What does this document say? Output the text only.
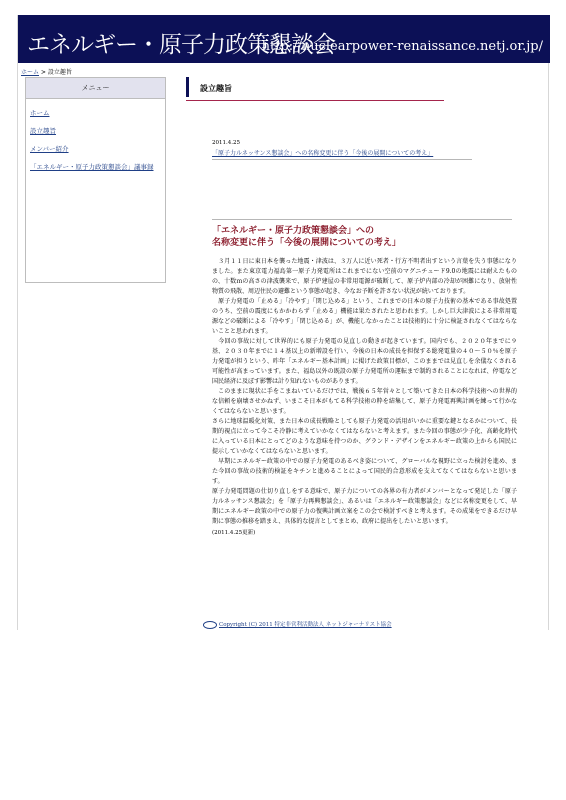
エネルギー・原子力政策懇談会
http://nuclearpower-renaissance.netj.or.jp/
ホーム > 設立趣旨
メニュー
ホーム
設立趣旨
メンバー紹介
「エネルギー・原子力政策懇談会」議事録
設立趣旨
2011.4.25
「原子力ルネッサンス懇談会」への名称変更に伴う「今後の展開についての考え」
「エネルギー・原子力政策懇談会」への
名称変更に伴う「今後の展開についての考え」

　３月１１日に東日本を襲った地震・津波は、３万人に近い死者・行方不明者出すという言葉を失う事態になりました。また東京電力福島第一原子力発電所はこれまでにない空前のマグニチュード9.0の地震には耐えたものの、十数ｍの高さの津波襲来で、原子炉建屋の非常用電源が破断して、原子炉内部の冷却が困難になり、放射性物質の飛散、周辺住民の避難という事態が起き、今なお予断を許さない状況が続いております。

　原子力発電の「止める」「冷やす」「閉じ込める」という、これまでの日本の原子力技術の基本である事故処置のうち、空前の震度にもかかわらず「止める」機能は果たされたと思われます。しかし巨大津波による非常用電源などの破断による「冷やす」「閉じ込める」が、機能しなかったことは技術的に十分に検証されなくてはならないことと思われます。

　今回の事故に対して世界的にも原子力発電の見直しの動きが起きています。国内でも、２０２０年までに９基、２０３０年までに１４基以上の新増設を行い、今後の日本の成長を担保する総発電量の４０～５０％を原子力発電が担うという、昨年「エネルギー基本計画」に掲げた政策目標が、このままでは見直しを余儀なくされる可能性が高まっています。また、福島以外の既設の原子力発電所の運転まで制約されることになれば、停電など国民経済に及ぼす影響は計り知れないものがあります。

　このままに現状に手をこまねいているだけでは、戦後６５年営々として築いてきた日本の科学技術への世界的な信頼を崩壊させかねず、いまこそ日本がもてる科学技術の粋を結集して、原子力発電再興計画を練って行かなくてはならないと思います。

さらに地球温暖化対策、また日本の成長戦略としても原子力発電の活用がいかに重要な鍵となるかについて、長期的視点に立って今こそ冷静に考えていかなくてはならないと考えます。また今回の事態が少子化、高齢化時代に入っている日本にとってどのような意味を持つのか、グランド・デザインをエネルギー政策の上からも国民に提示していかなくてはならないと思います。

　早期にエネルギー政策の中での原子力発電のあるべき姿について、グローバルな視野に立った検討を進め、また今回の事故の技術的検証をキチンと進めることによって国民的合意形成を支えてなくてはならないと思います。

原子力発電問題の仕切り直しをする意味で、原子力についての各界の有力者がメンバーとなって発足した「原子力ルネッサンス懇談会」を「原子力再興懇談会」、あるいは「エネルギー政策懇談会」などに名称変更をして、早期にエネルギー政策の中での原子力の復興計画立案をこの会で検討すべきと考えます。その成果をできるだけ早期に事態の推移を踏まえ、具体的な提言としてまとめ、政府に提出をしたいと思います。

(2011.4.25更新)
Copyright (C) 2011 特定非営利活動法人 ネットジャーナリスト協会
